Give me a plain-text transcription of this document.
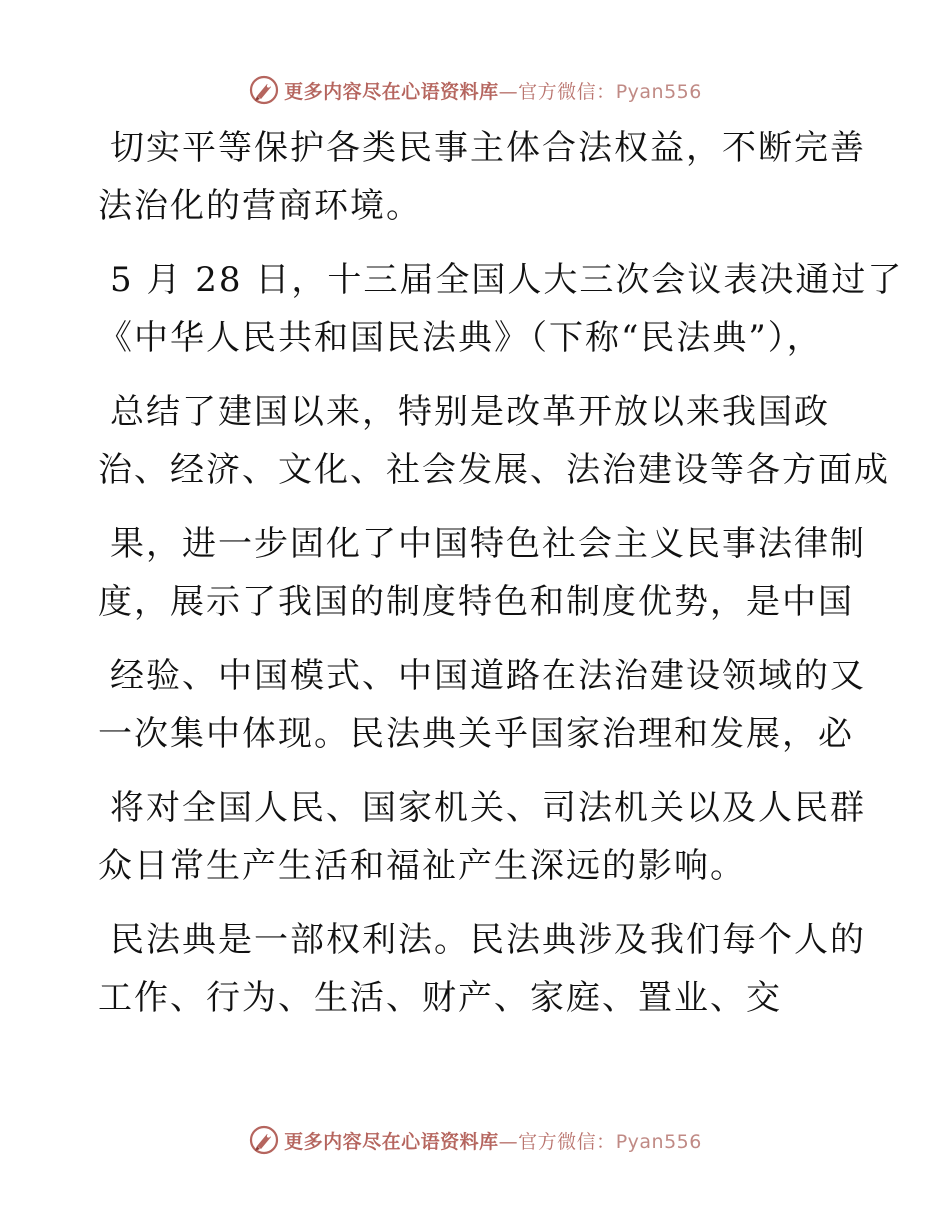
更多内容尽在心语资料库—官方微信：Pyan556
切实平等保护各类民事主体合法权益，不断完善
法治化的营商环境。
5 月 28 日，十三届全国人大三次会议表决通过了
《中华人民共和国民法典》（下称“民法典”），
总结了建国以来，特别是改革开放以来我国政
治、经济、文化、社会发展、法治建设等各方面成
果，进一步固化了中国特色社会主义民事法律制
度，展示了我国的制度特色和制度优势，是中国
经验、中国模式、中国道路在法治建设领域的又
一次集中体现。民法典关乎国家治理和发展，必
将对全国人民、国家机关、司法机关以及人民群
众日常生产生活和福祉产生深远的影响。
民法典是一部权利法。民法典涉及我们每个人的
工作、行为、生活、财产、家庭、置业、交
更多内容尽在心语资料库—官方微信：Pyan556
